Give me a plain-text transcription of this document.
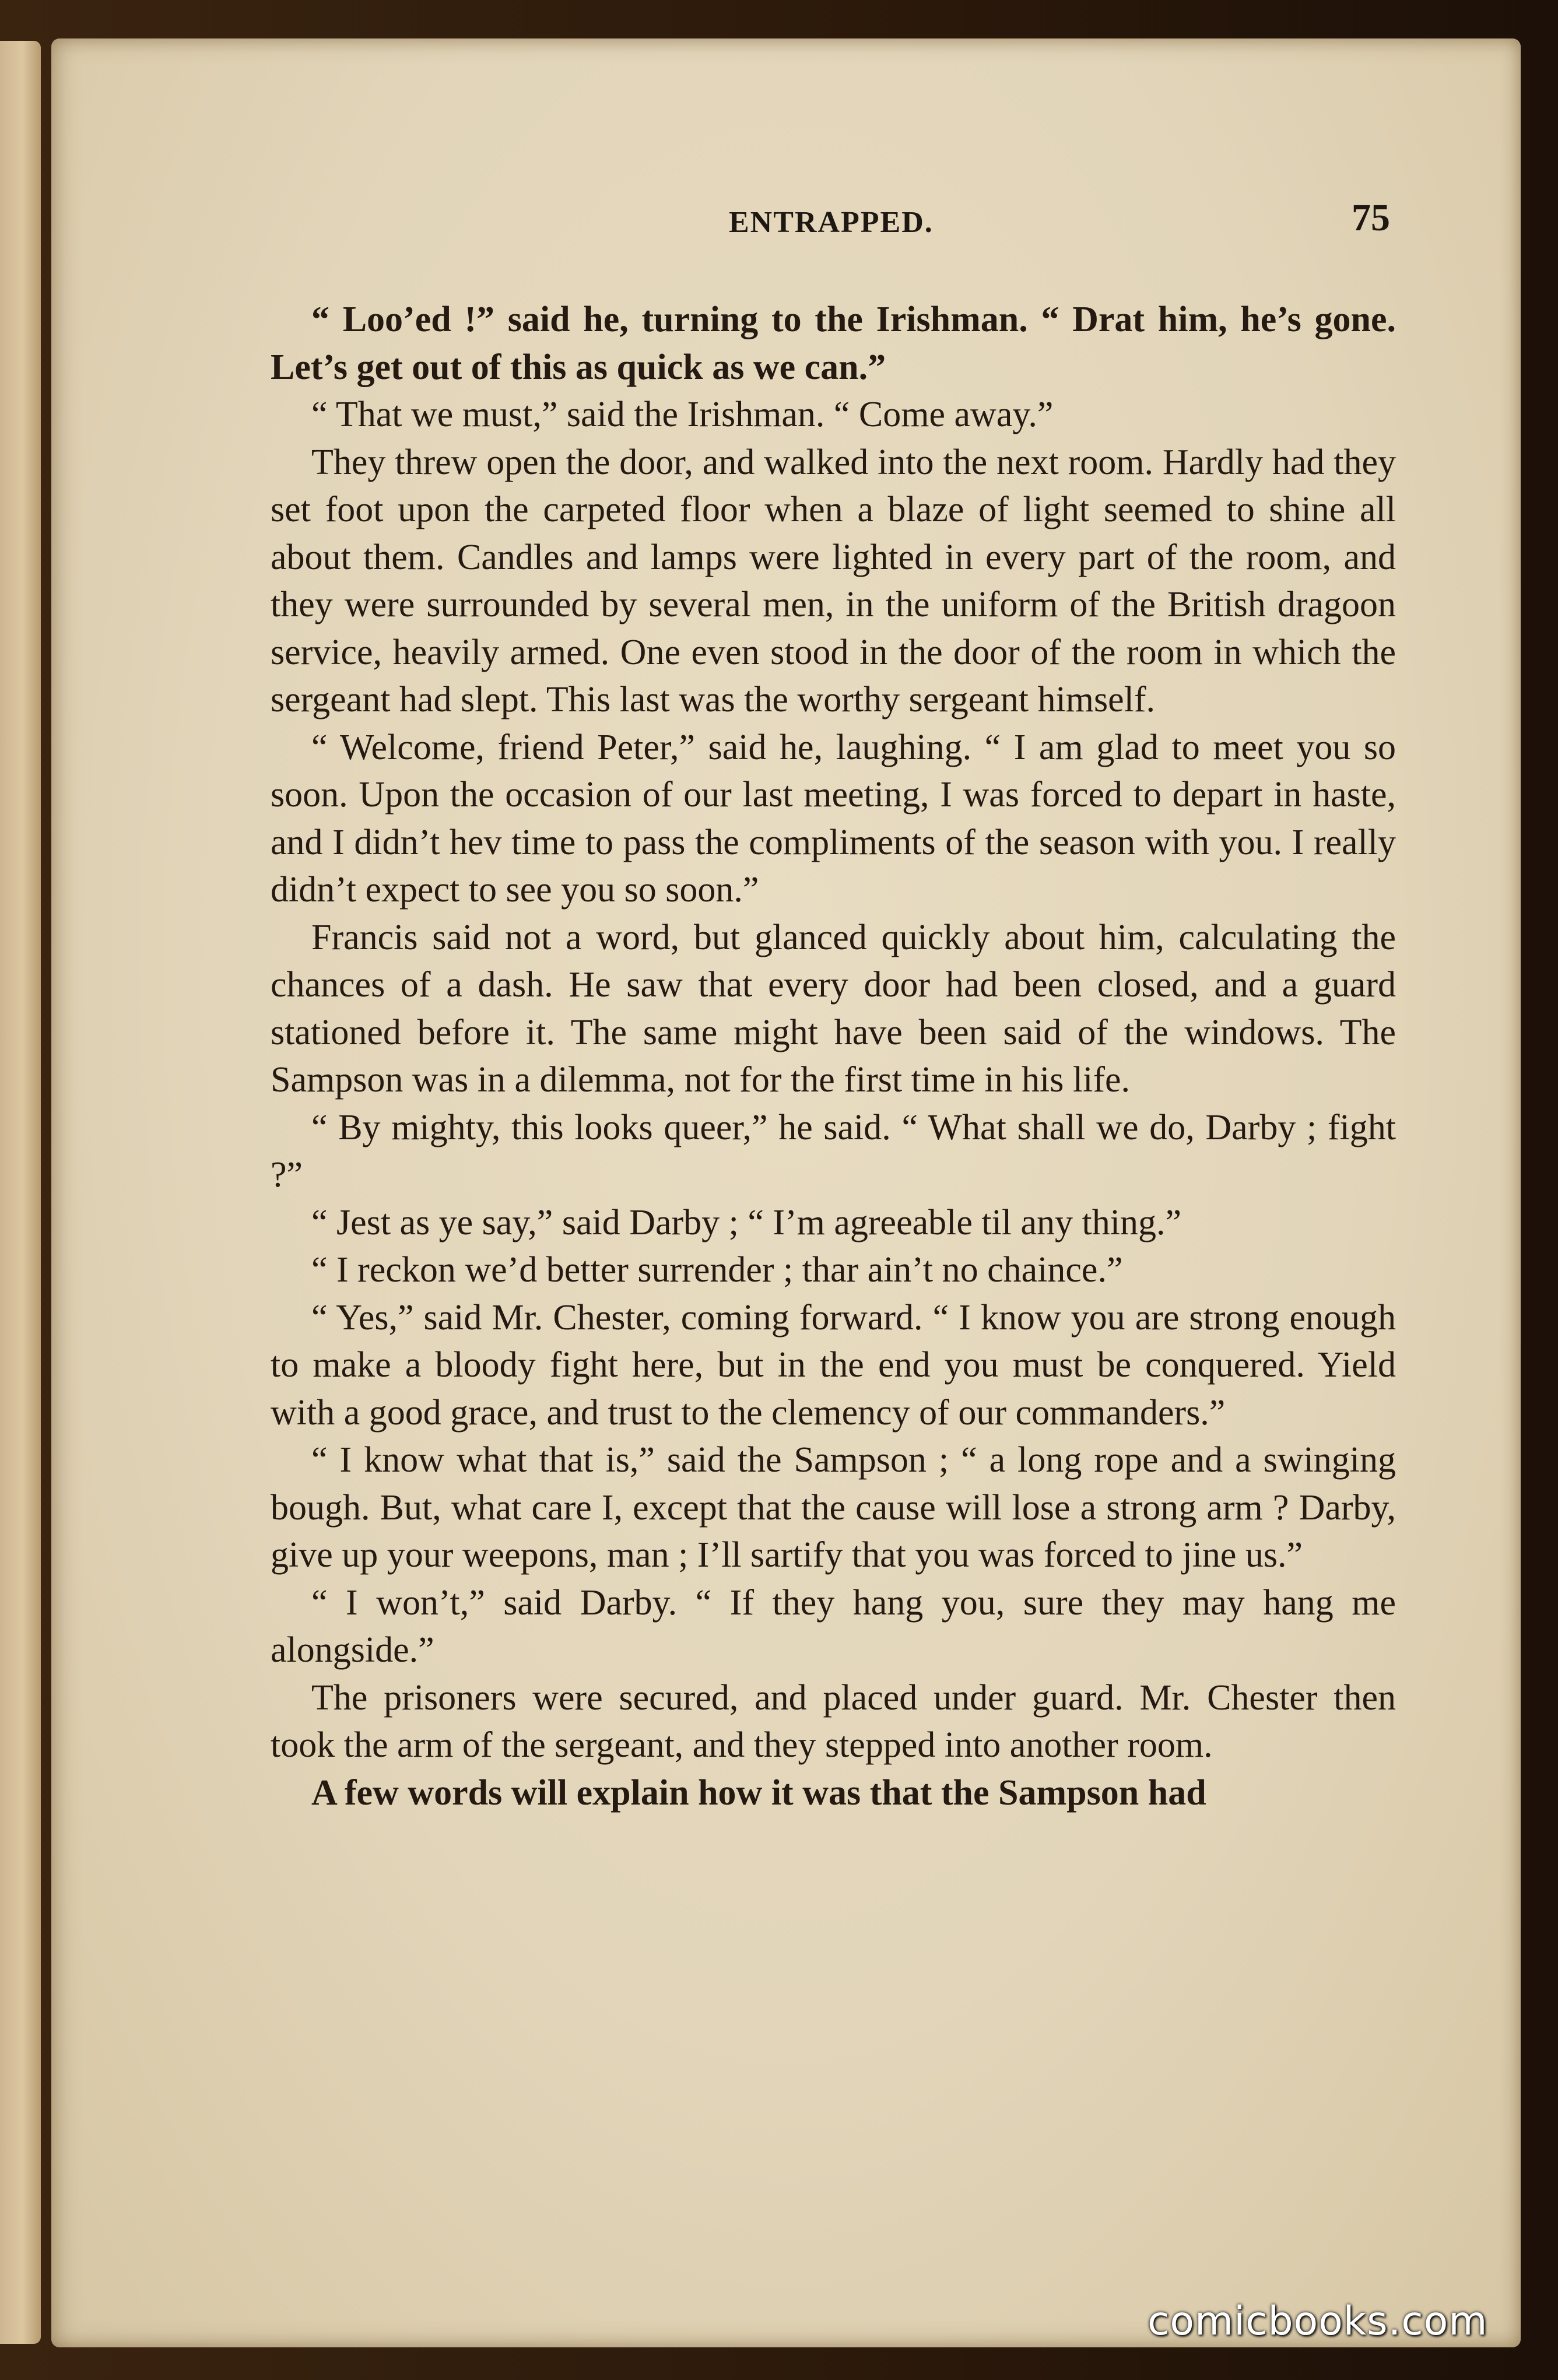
ENTRAPPED.	75

“ Loo’ed !” said he, turning to the Irishman. “ Drat him, he’s gone. Let’s get out of this as quick as we can.”

“ That we must,” said the Irishman. “ Come away.”

They threw open the door, and walked into the next room. Hardly had they set foot upon the carpeted floor when a blaze of light seemed to shine all about them. Candles and lamps were lighted in every part of the room, and they were surrounded by several men, in the uniform of the British dragoon service, heavily armed. One even stood in the door of the room in which the sergeant had slept. This last was the worthy sergeant himself.

“ Welcome, friend Peter,” said he, laughing. “ I am glad to meet you so soon. Upon the occasion of our last meeting, I was forced to depart in haste, and I didn’t hev time to pass the compliments of the season with you. I really didn’t expect to see you so soon.”

Francis said not a word, but glanced quickly about him, calculating the chances of a dash. He saw that every door had been closed, and a guard stationed before it. The same might have been said of the windows. The Sampson was in a dilemma, not for the first time in his life.

“ By mighty, this looks queer,” he said. “ What shall we do, Darby ; fight ?”

“ Jest as ye say,” said Darby ; “ I’m agreeable til any thing.”

“ I reckon we’d better surrender ; thar ain’t no chaince.”

“ Yes,” said Mr. Chester, coming forward. “ I know you are strong enough to make a bloody fight here, but in the end you must be conquered. Yield with a good grace, and trust to the clemency of our commanders.”

“ I know what that is,” said the Sampson ; “ a long rope and a swinging bough. But, what care I, except that the cause will lose a strong arm ? Darby, give up your weepons, man ; I’ll sartify that you was forced to jine us.”

“ I won’t,” said Darby. “ If they hang you, sure they may hang me alongside.”

The prisoners were secured, and placed under guard. Mr. Chester then took the arm of the sergeant, and they stepped into another room.

A few words will explain how it was that the Sampson had

comicbooks.com
